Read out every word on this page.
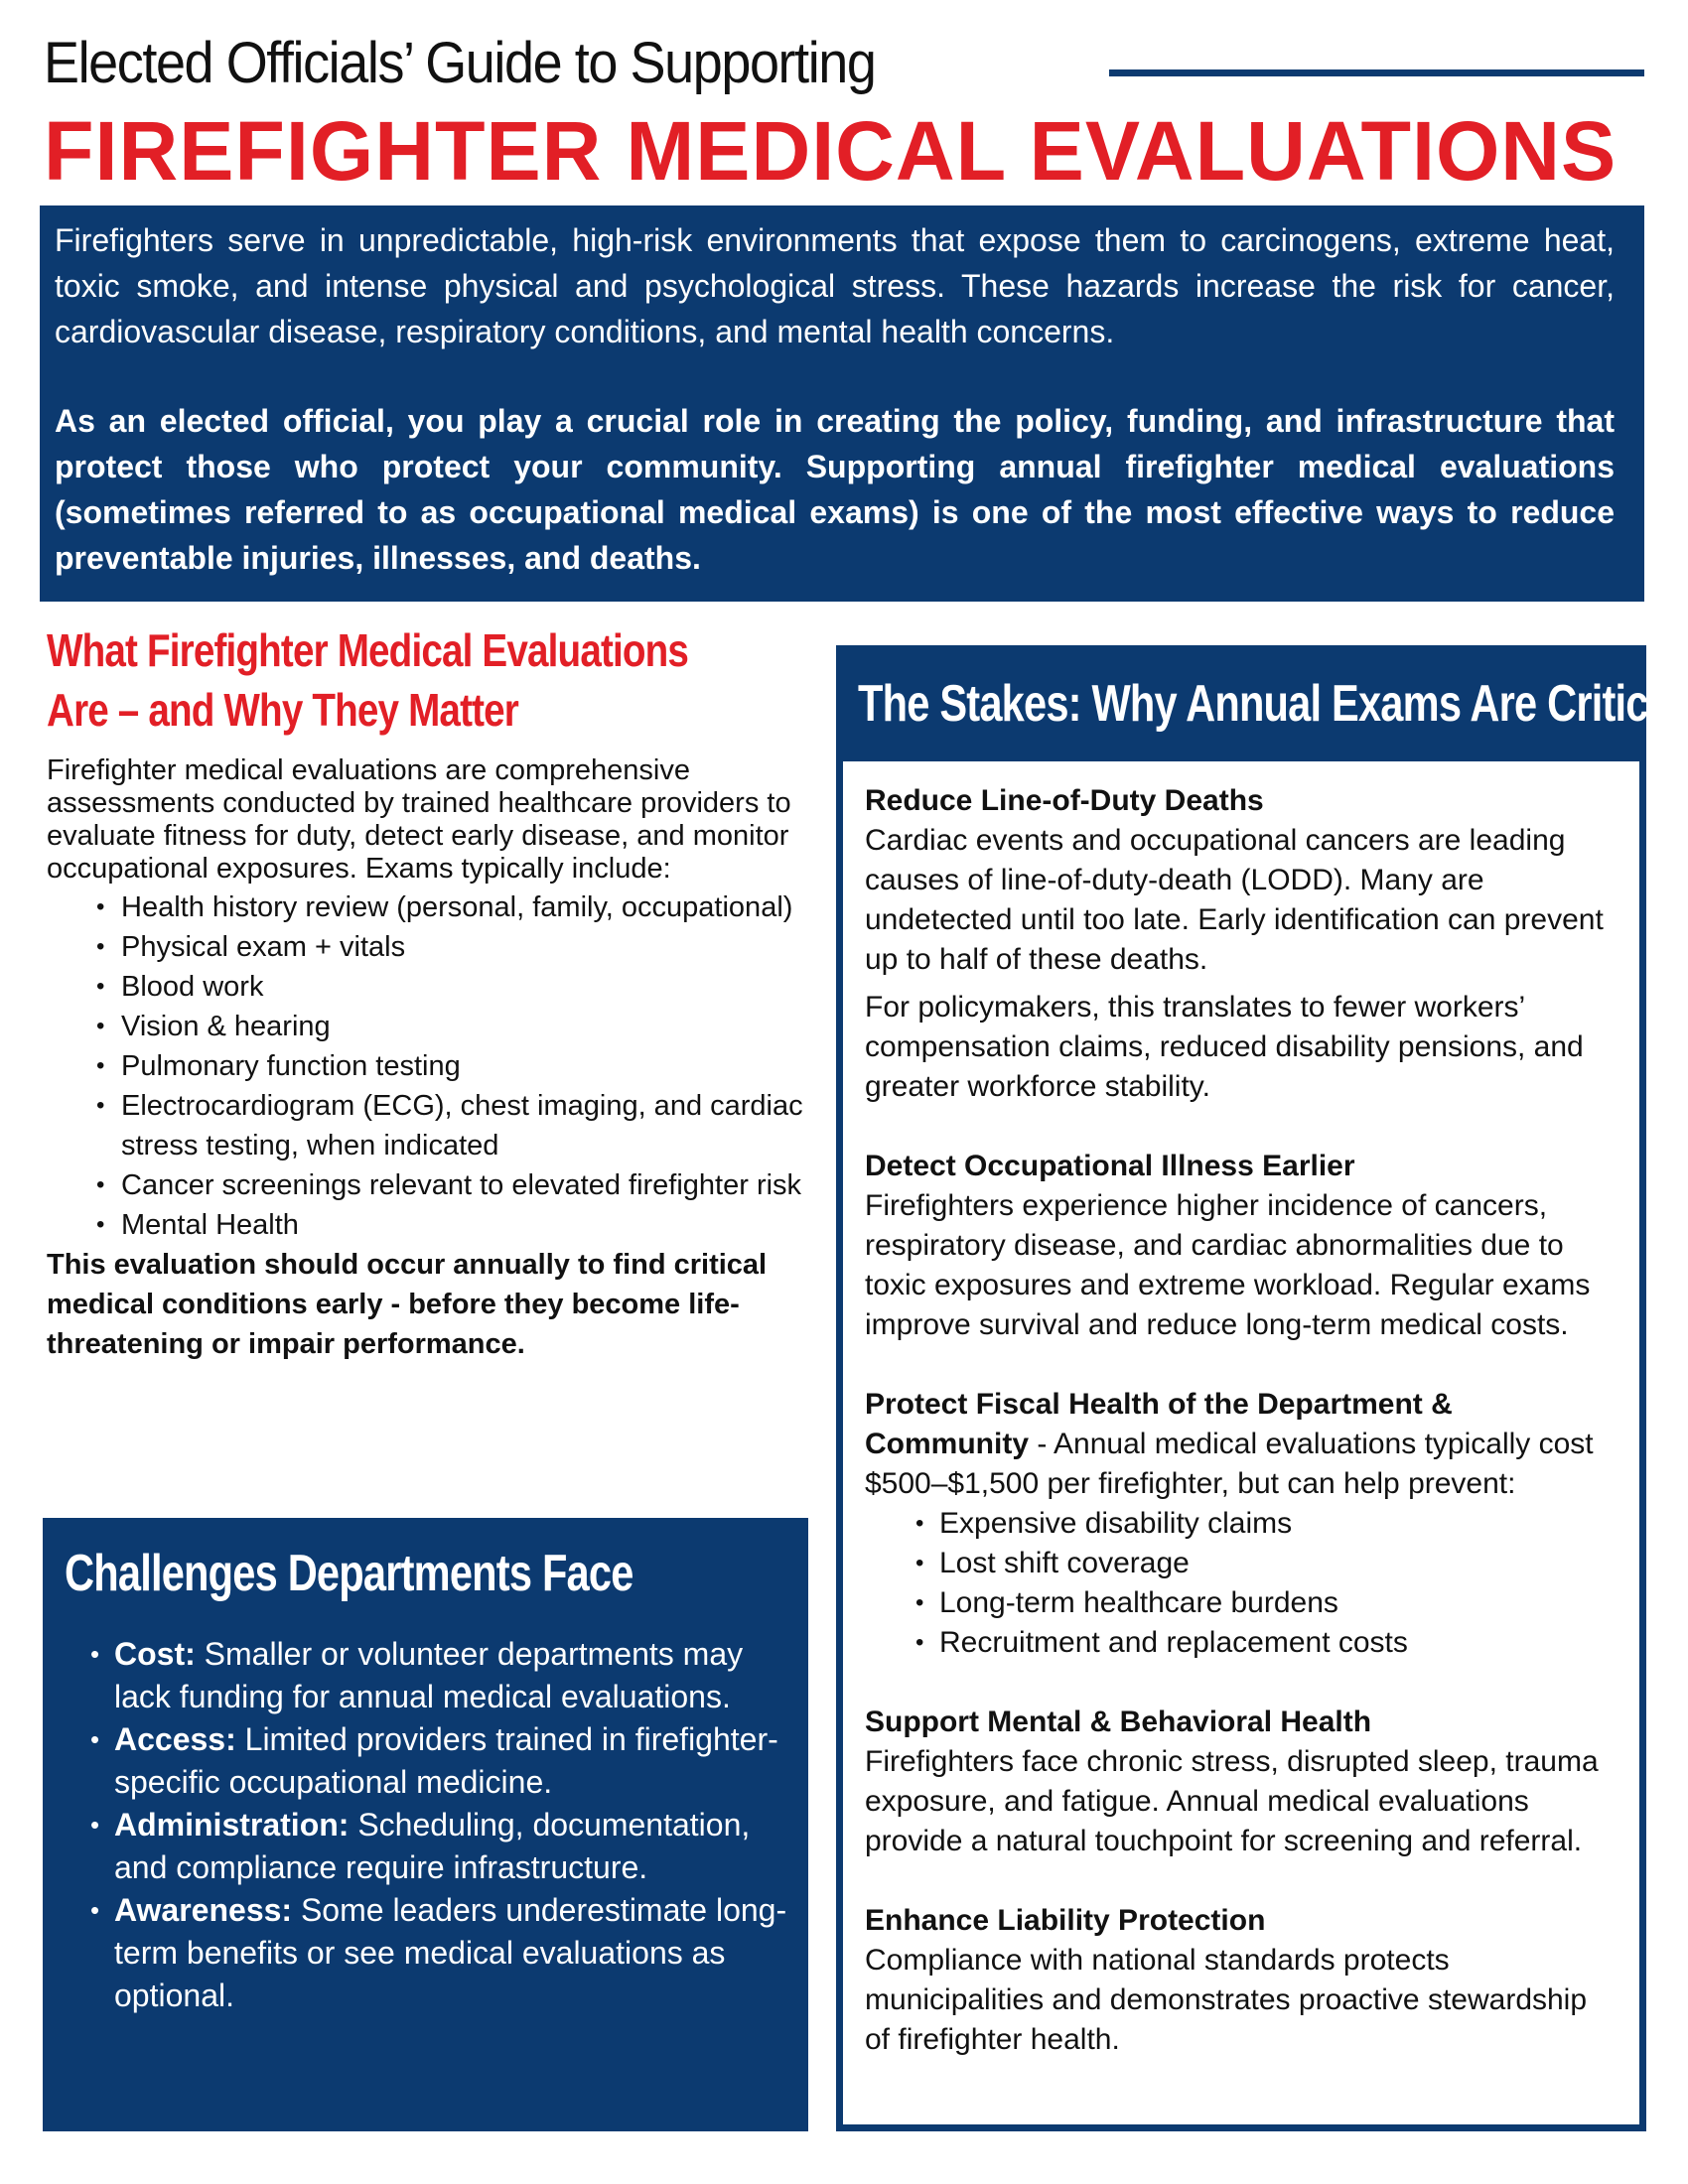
Elected Officials’ Guide to Supporting
FIREFIGHTER MEDICAL EVALUATIONS

Firefighters serve in unpredictable, high-risk environments that expose them to carcinogens, extreme heat, toxic smoke, and intense physical and psychological stress. These hazards increase the risk for cancer, cardiovascular disease, respiratory conditions, and mental health concerns.

As an elected official, you play a crucial role in creating the policy, funding, and infrastructure that protect those who protect your community. Supporting annual firefighter medical evaluations (sometimes referred to as occupational medical exams) is one of the most effective ways to reduce preventable injuries, illnesses, and deaths.

What Firefighter Medical Evaluations
Are – and Why They Matter

Firefighter medical evaluations are comprehensive assessments conducted by trained healthcare providers to evaluate fitness for duty, detect early disease, and monitor occupational exposures. Exams typically include:

• Health history review (personal, family, occupational)
• Physical exam + vitals
• Blood work
• Vision & hearing
• Pulmonary function testing
• Electrocardiogram (ECG), chest imaging, and cardiac stress testing, when indicated
• Cancer screenings relevant to elevated firefighter risk
• Mental Health

This evaluation should occur annually to find critical medical conditions early - before they become life-threatening or impair performance.

Challenges Departments Face
• Cost: Smaller or volunteer departments may lack funding for annual medical evaluations.
• Access: Limited providers trained in firefighter-specific occupational medicine.
• Administration: Scheduling, documentation, and compliance require infrastructure.
• Awareness: Some leaders underestimate long-term benefits or see medical evaluations as optional.
The Stakes: Why Annual Exams Are Critical

Reduce Line-of-Duty Deaths

Cardiac events and occupational cancers are leading causes of line-of-duty-death (LODD). Many are undetected until too late. Early identification can prevent up to half of these deaths.

For policymakers, this translates to fewer workers’ compensation claims, reduced disability pensions, and greater workforce stability.

Detect Occupational Illness Earlier

Firefighters experience higher incidence of cancers, respiratory disease, and cardiac abnormalities due to toxic exposures and extreme workload. Regular exams improve survival and reduce long-term medical costs.

Protect Fiscal Health of the Department & Community - Annual medical evaluations typically cost $500–$1,500 per firefighter, but can help prevent:

• Expensive disability claims
• Lost shift coverage
• Long-term healthcare burdens
• Recruitment and replacement costs

Support Mental & Behavioral Health

Firefighters face chronic stress, disrupted sleep, trauma exposure, and fatigue. Annual medical evaluations provide a natural touchpoint for screening and referral.

Enhance Liability Protection

Compliance with national standards protects municipalities and demonstrates proactive stewardship of firefighter health.
